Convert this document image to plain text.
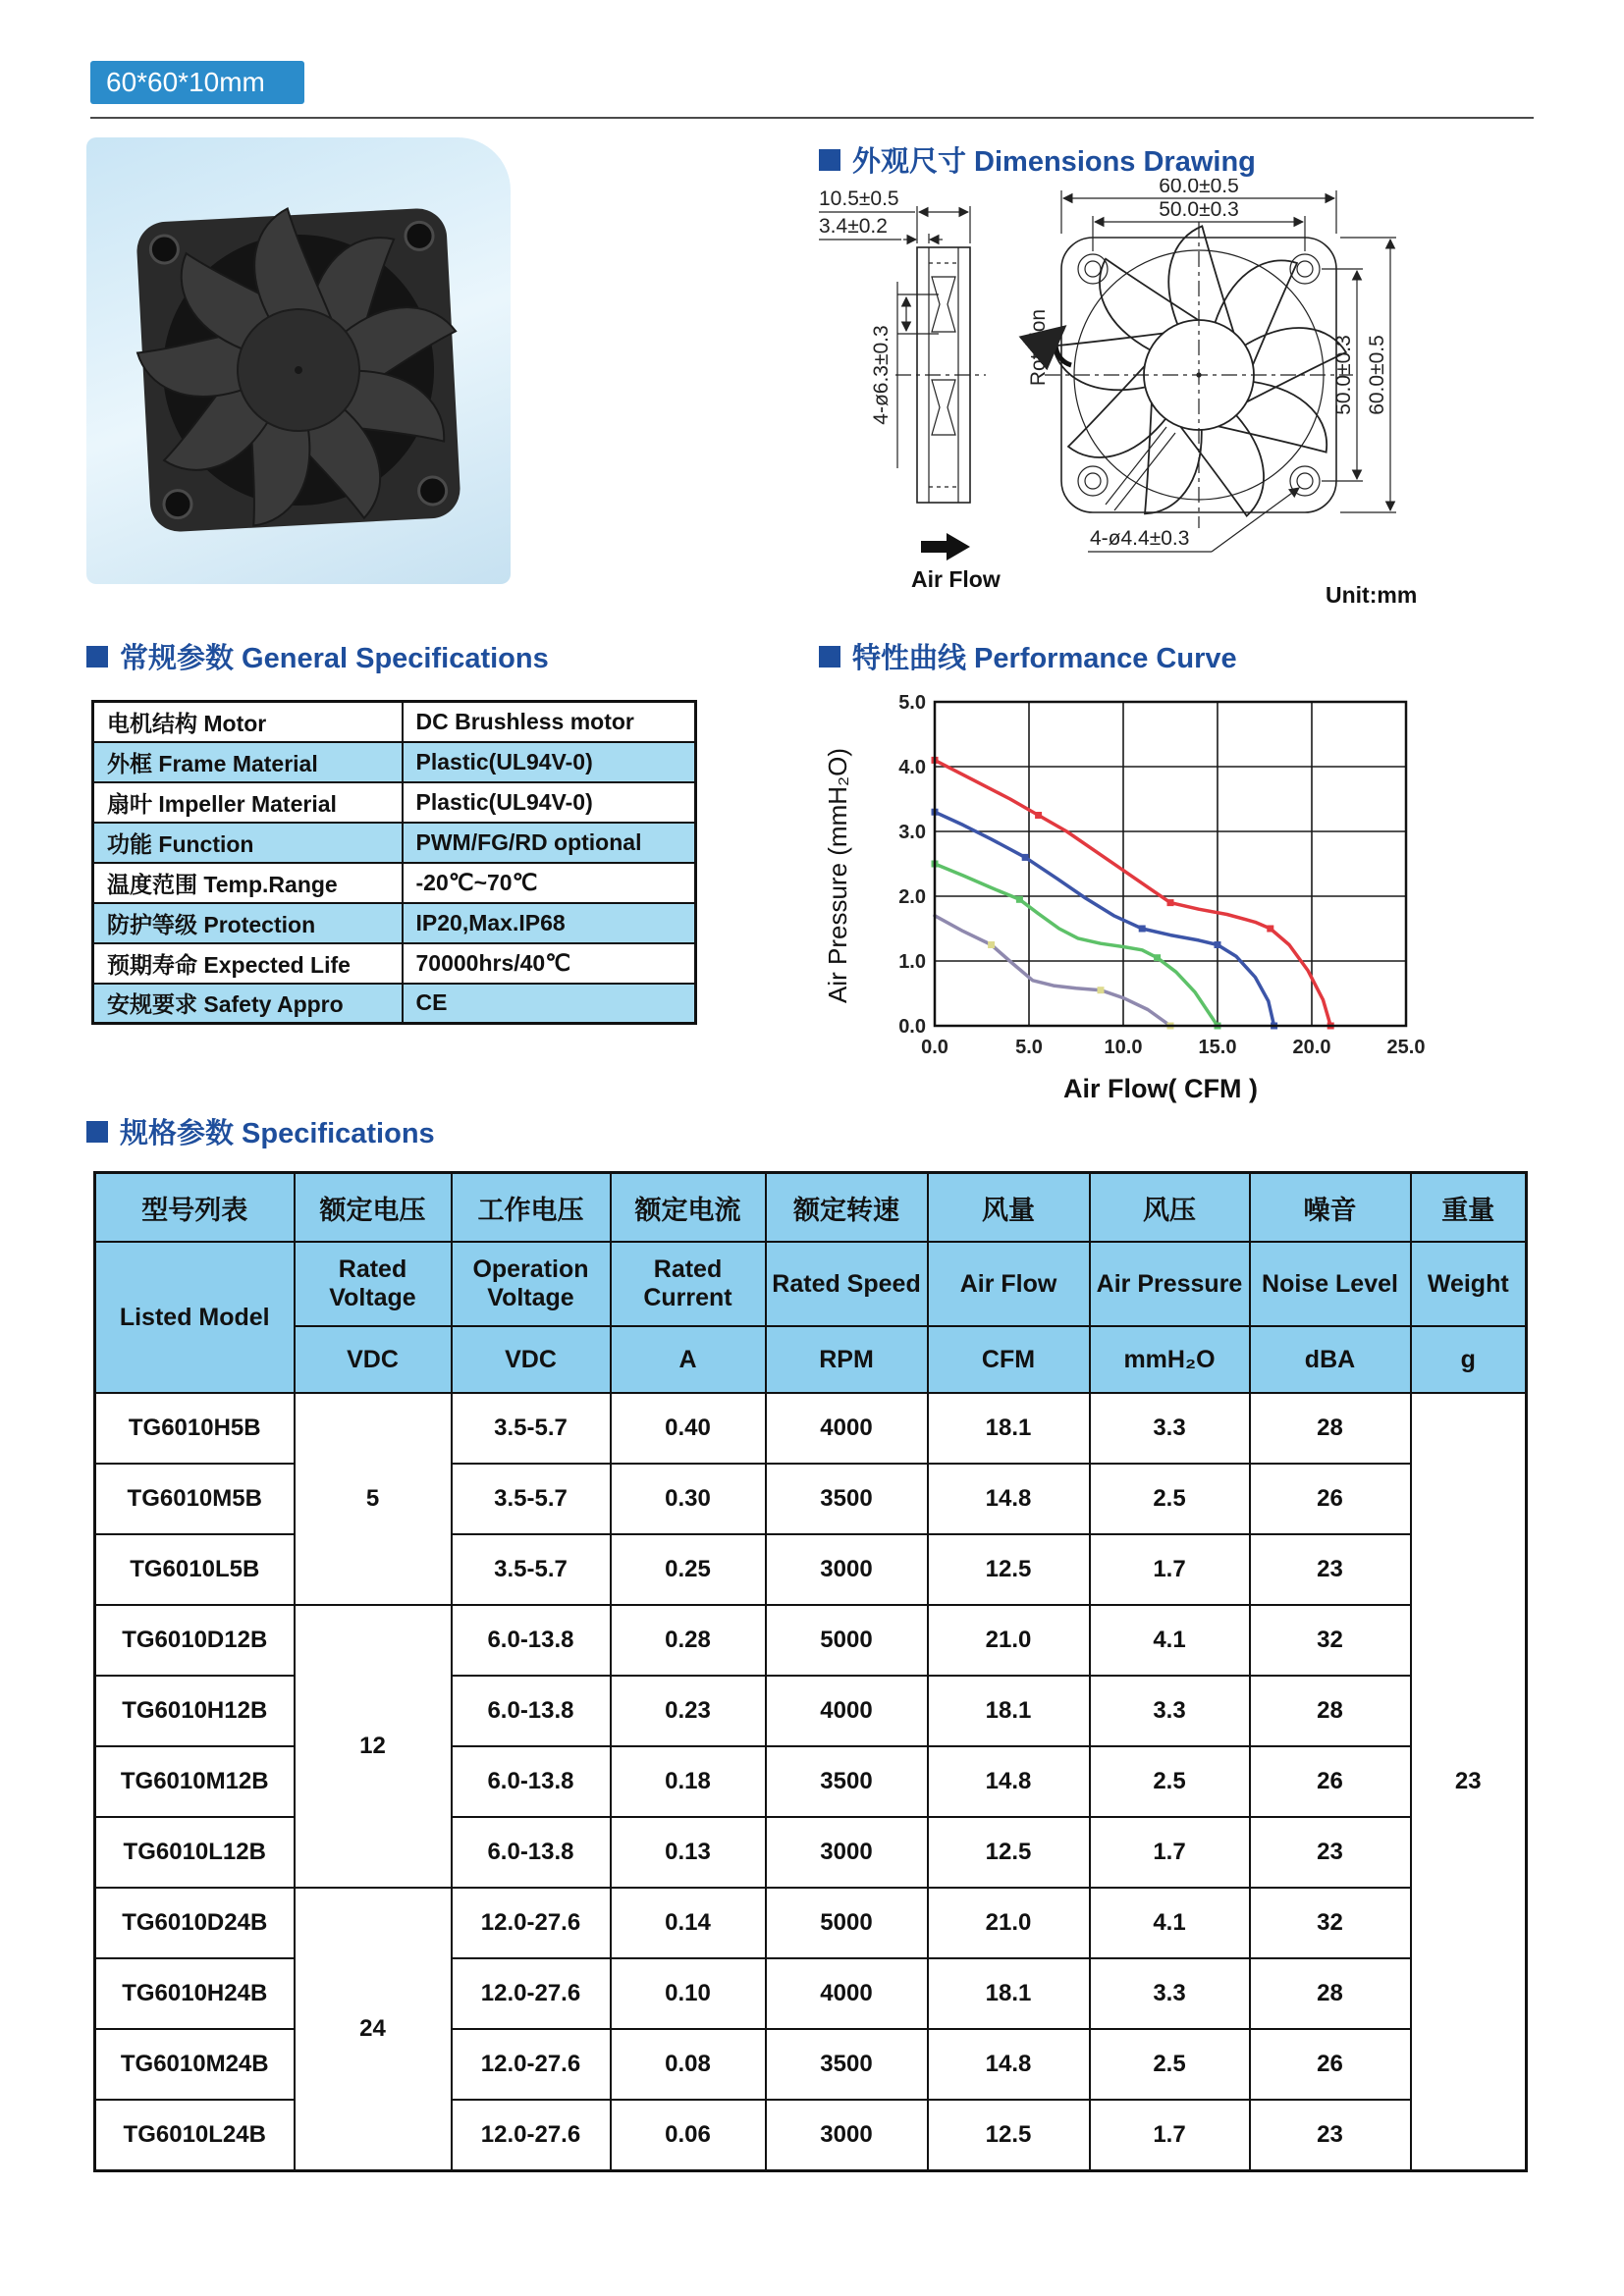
60*60*10mm
外观尺寸 Dimensions Drawing
常规参数 General Specifications	特性曲线 Performance Curve
规格参数 Specifications
10.5±0.5
3.4±0.2
4-ø6.3±0.3
Air Flow
Rotation
60.0±0.5
50.0±0.3
50.0±0.3 60.0±0.5
4-ø4.4±0.3
Unit:mm
电机结构 Motor	DC Brushless motor
外框 Frame Material	Plastic(UL94V-0)
扇叶 Impeller Material	Plastic(UL94V-0)
功能 Function	PWM/FG/RD optional
温度范围 Temp.Range	-20℃~70℃
防护等级 Protection	IP20,Max.IP68
预期寿命 Expected Life	70000hrs/40℃
安规要求 Safety Appro	CE	Air Pressure (mmH₂O)
0.0	5.0	10.0	15.0	20.0	25.0
0.0
1.0
2.0
3.0
4.0
5.0
Air Flow( CFM )
型号列表	额定电压	工作电压	额定电流	额定转速	风量	风压	噪音	重量
Listed Model	Rated Voltage	Operation Voltage	Rated Current	Rated Speed	Air Flow	Air Pressure	Noise Level	Weight
	VDC	VDC	A	RPM	CFM	mmH₂O	dBA	g
TG6010H5B	5	3.5-5.7	0.40	4000	18.1	3.3	28	23
TG6010M5B		3.5-5.7	0.30	3500	14.8	2.5	26	
TG6010L5B		3.5-5.7	0.25	3000	12.5	1.7	23	
TG6010D12B	12	6.0-13.8	0.28	5000	21.0	4.1	32	
TG6010H12B		6.0-13.8	0.23	4000	18.1	3.3	28	
TG6010M12B		6.0-13.8	0.18	3500	14.8	2.5	26	
TG6010L12B		6.0-13.8	0.13	3000	12.5	1.7	23	
TG6010D24B	24	12.0-27.6	0.14	5000	21.0	4.1	32	
TG6010H24B		12.0-27.6	0.10	4000	18.1	3.3	28	
TG6010M24B		12.0-27.6	0.08	3500	14.8	2.5	26	
TG6010L24B		12.0-27.6	0.06	3000	12.5	1.7	23	
